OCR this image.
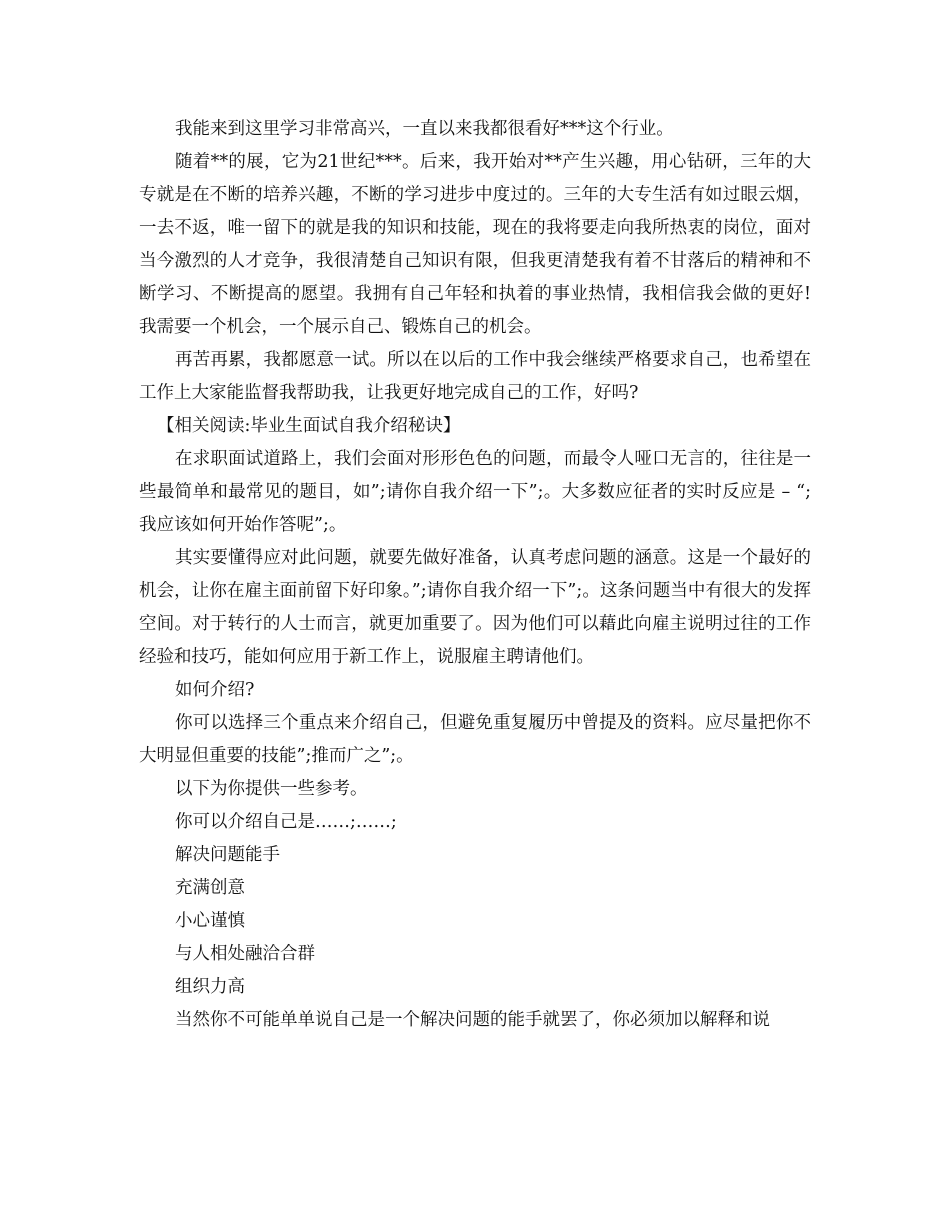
我能来到这里学习非常高兴，一直以来我都很看好***这个行业。

随着**的展，它为21世纪***。后来，我开始对**产生兴趣，用心钻研，三年的大专就是在不断的培养兴趣，不断的学习进步中度过的。三年的大专生活有如过眼云烟，一去不返，唯一留下的就是我的知识和技能，现在的我将要走向我所热衷的岗位，面对当今激烈的人才竞争，我很清楚自己知识有限，但我更清楚我有着不甘落后的精神和不断学习、不断提高的愿望。我拥有自己年轻和执着的事业热情，我相信我会做的更好!我需要一个机会，一个展示自己、锻炼自己的机会。

再苦再累，我都愿意一试。所以在以后的工作中我会继续严格要求自己，也希望在工作上大家能监督我帮助我，让我更好地完成自己的工作，好吗?

【相关阅读:毕业生面试自我介绍秘诀】

在求职面试道路上，我们会面对形形色色的问题，而最令人哑口无言的，往往是一些最简单和最常见的题目，如”;请你自我介绍一下”;。大多数应征者的实时反应是 – “;我应该如何开始作答呢”;。

其实要懂得应对此问题，就要先做好准备，认真考虑问题的涵意。这是一个最好的机会，让你在雇主面前留下好印象。”;请你自我介绍一下”;。这条问题当中有很大的发挥空间。对于转行的人士而言，就更加重要了。因为他们可以藉此向雇主说明过往的工作经验和技巧，能如何应用于新工作上，说服雇主聘请他们。

如何介绍?

你可以选择三个重点来介绍自己，但避免重复履历中曾提及的资料。应尽量把你不大明显但重要的技能”;推而广之”;。

以下为你提供一些参考。

你可以介绍自己是……;……;

解决问题能手

充满创意

小心谨慎

与人相处融洽合群

组织力高

当然你不可能单单说自己是一个解决问题的能手就罢了，你必须加以解释和说
